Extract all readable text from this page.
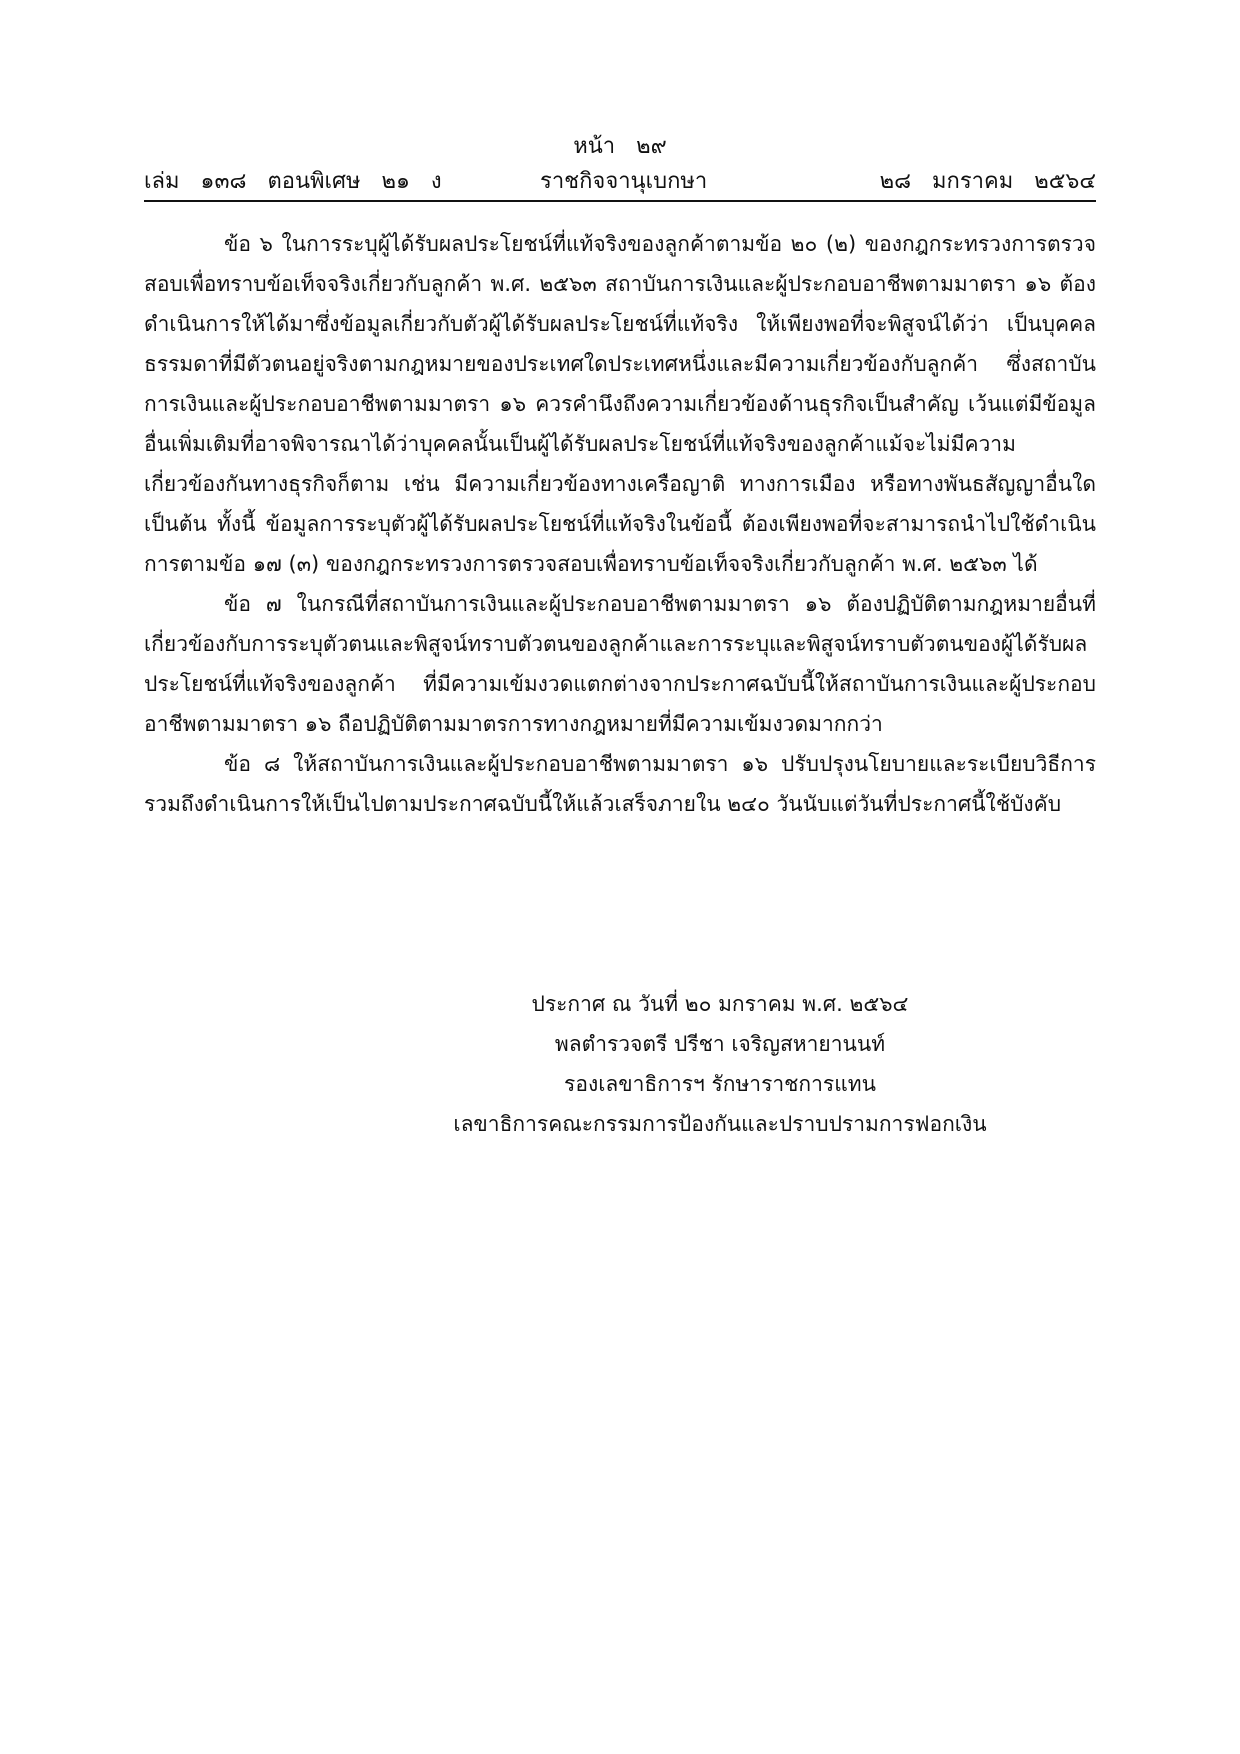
หน้า   ๒๙
เล่ม   ๑๓๘   ตอนพิเศษ   ๒๑   ง	ราชกิจจานุเบกษา	๒๘   มกราคม   ๒๕๖๔

ข้อ ๖ ในการระบุผู้ได้รับผลประโยชน์ที่แท้จริงของลูกค้าตามข้อ ๒๐ (๒) ของกฎกระทรวงการตรวจสอบเพื่อทราบข้อเท็จจริงเกี่ยวกับลูกค้า พ.ศ. ๒๕๖๓ สถาบันการเงินและผู้ประกอบอาชีพตามมาตรา ๑๖ ต้องดำเนินการให้ได้มาซึ่งข้อมูลเกี่ยวกับตัวผู้ได้รับผลประโยชน์ที่แท้จริง ให้เพียงพอที่จะพิสูจน์ได้ว่า เป็นบุคคลธรรมดาที่มีตัวตนอยู่จริงตามกฎหมายของประเทศใดประเทศหนึ่งและมีความเกี่ยวข้องกับลูกค้า ซึ่งสถาบันการเงินและผู้ประกอบอาชีพตามมาตรา ๑๖ ควรคำนึงถึงความเกี่ยวข้องด้านธุรกิจเป็นสำคัญ เว้นแต่มีข้อมูลอื่นเพิ่มเติมที่อาจพิจารณาได้ว่าบุคคลนั้นเป็นผู้ได้รับผลประโยชน์ที่แท้จริงของลูกค้าแม้จะไม่มีความเกี่ยวข้องกันทางธุรกิจก็ตาม เช่น มีความเกี่ยวข้องทางเครือญาติ ทางการเมือง หรือทางพันธสัญญาอื่นใด เป็นต้น ทั้งนี้ ข้อมูลการระบุตัวผู้ได้รับผลประโยชน์ที่แท้จริงในข้อนี้ ต้องเพียงพอที่จะสามารถนำไปใช้ดำเนินการตามข้อ ๑๗ (๓) ของกฎกระทรวงการตรวจสอบเพื่อทราบข้อเท็จจริงเกี่ยวกับลูกค้า พ.ศ. ๒๕๖๓ ได้

ข้อ ๗ ในกรณีที่สถาบันการเงินและผู้ประกอบอาชีพตามมาตรา ๑๖ ต้องปฏิบัติตามกฎหมายอื่นที่เกี่ยวข้องกับการระบุตัวตนและพิสูจน์ทราบตัวตนของลูกค้าและการระบุและพิสูจน์ทราบตัวตนของผู้ได้รับผลประโยชน์ที่แท้จริงของลูกค้า ที่มีความเข้มงวดแตกต่างจากประกาศฉบับนี้ให้สถาบันการเงินและผู้ประกอบอาชีพตามมาตรา ๑๖ ถือปฏิบัติตามมาตรการทางกฎหมายที่มีความเข้มงวดมากกว่า

ข้อ ๘ ให้สถาบันการเงินและผู้ประกอบอาชีพตามมาตรา ๑๖ ปรับปรุงนโยบายและระเบียบวิธีการรวมถึงดำเนินการให้เป็นไปตามประกาศฉบับนี้ให้แล้วเสร็จภายใน ๒๔๐ วันนับแต่วันที่ประกาศนี้ใช้บังคับ

ประกาศ ณ วันที่ ๒๐ มกราคม พ.ศ. ๒๕๖๔
พลตำรวจตรี ปรีชา เจริญสหายานนท์
รองเลขาธิการฯ รักษาราชการแทน
เลขาธิการคณะกรรมการป้องกันและปราบปรามการฟอกเงิน
